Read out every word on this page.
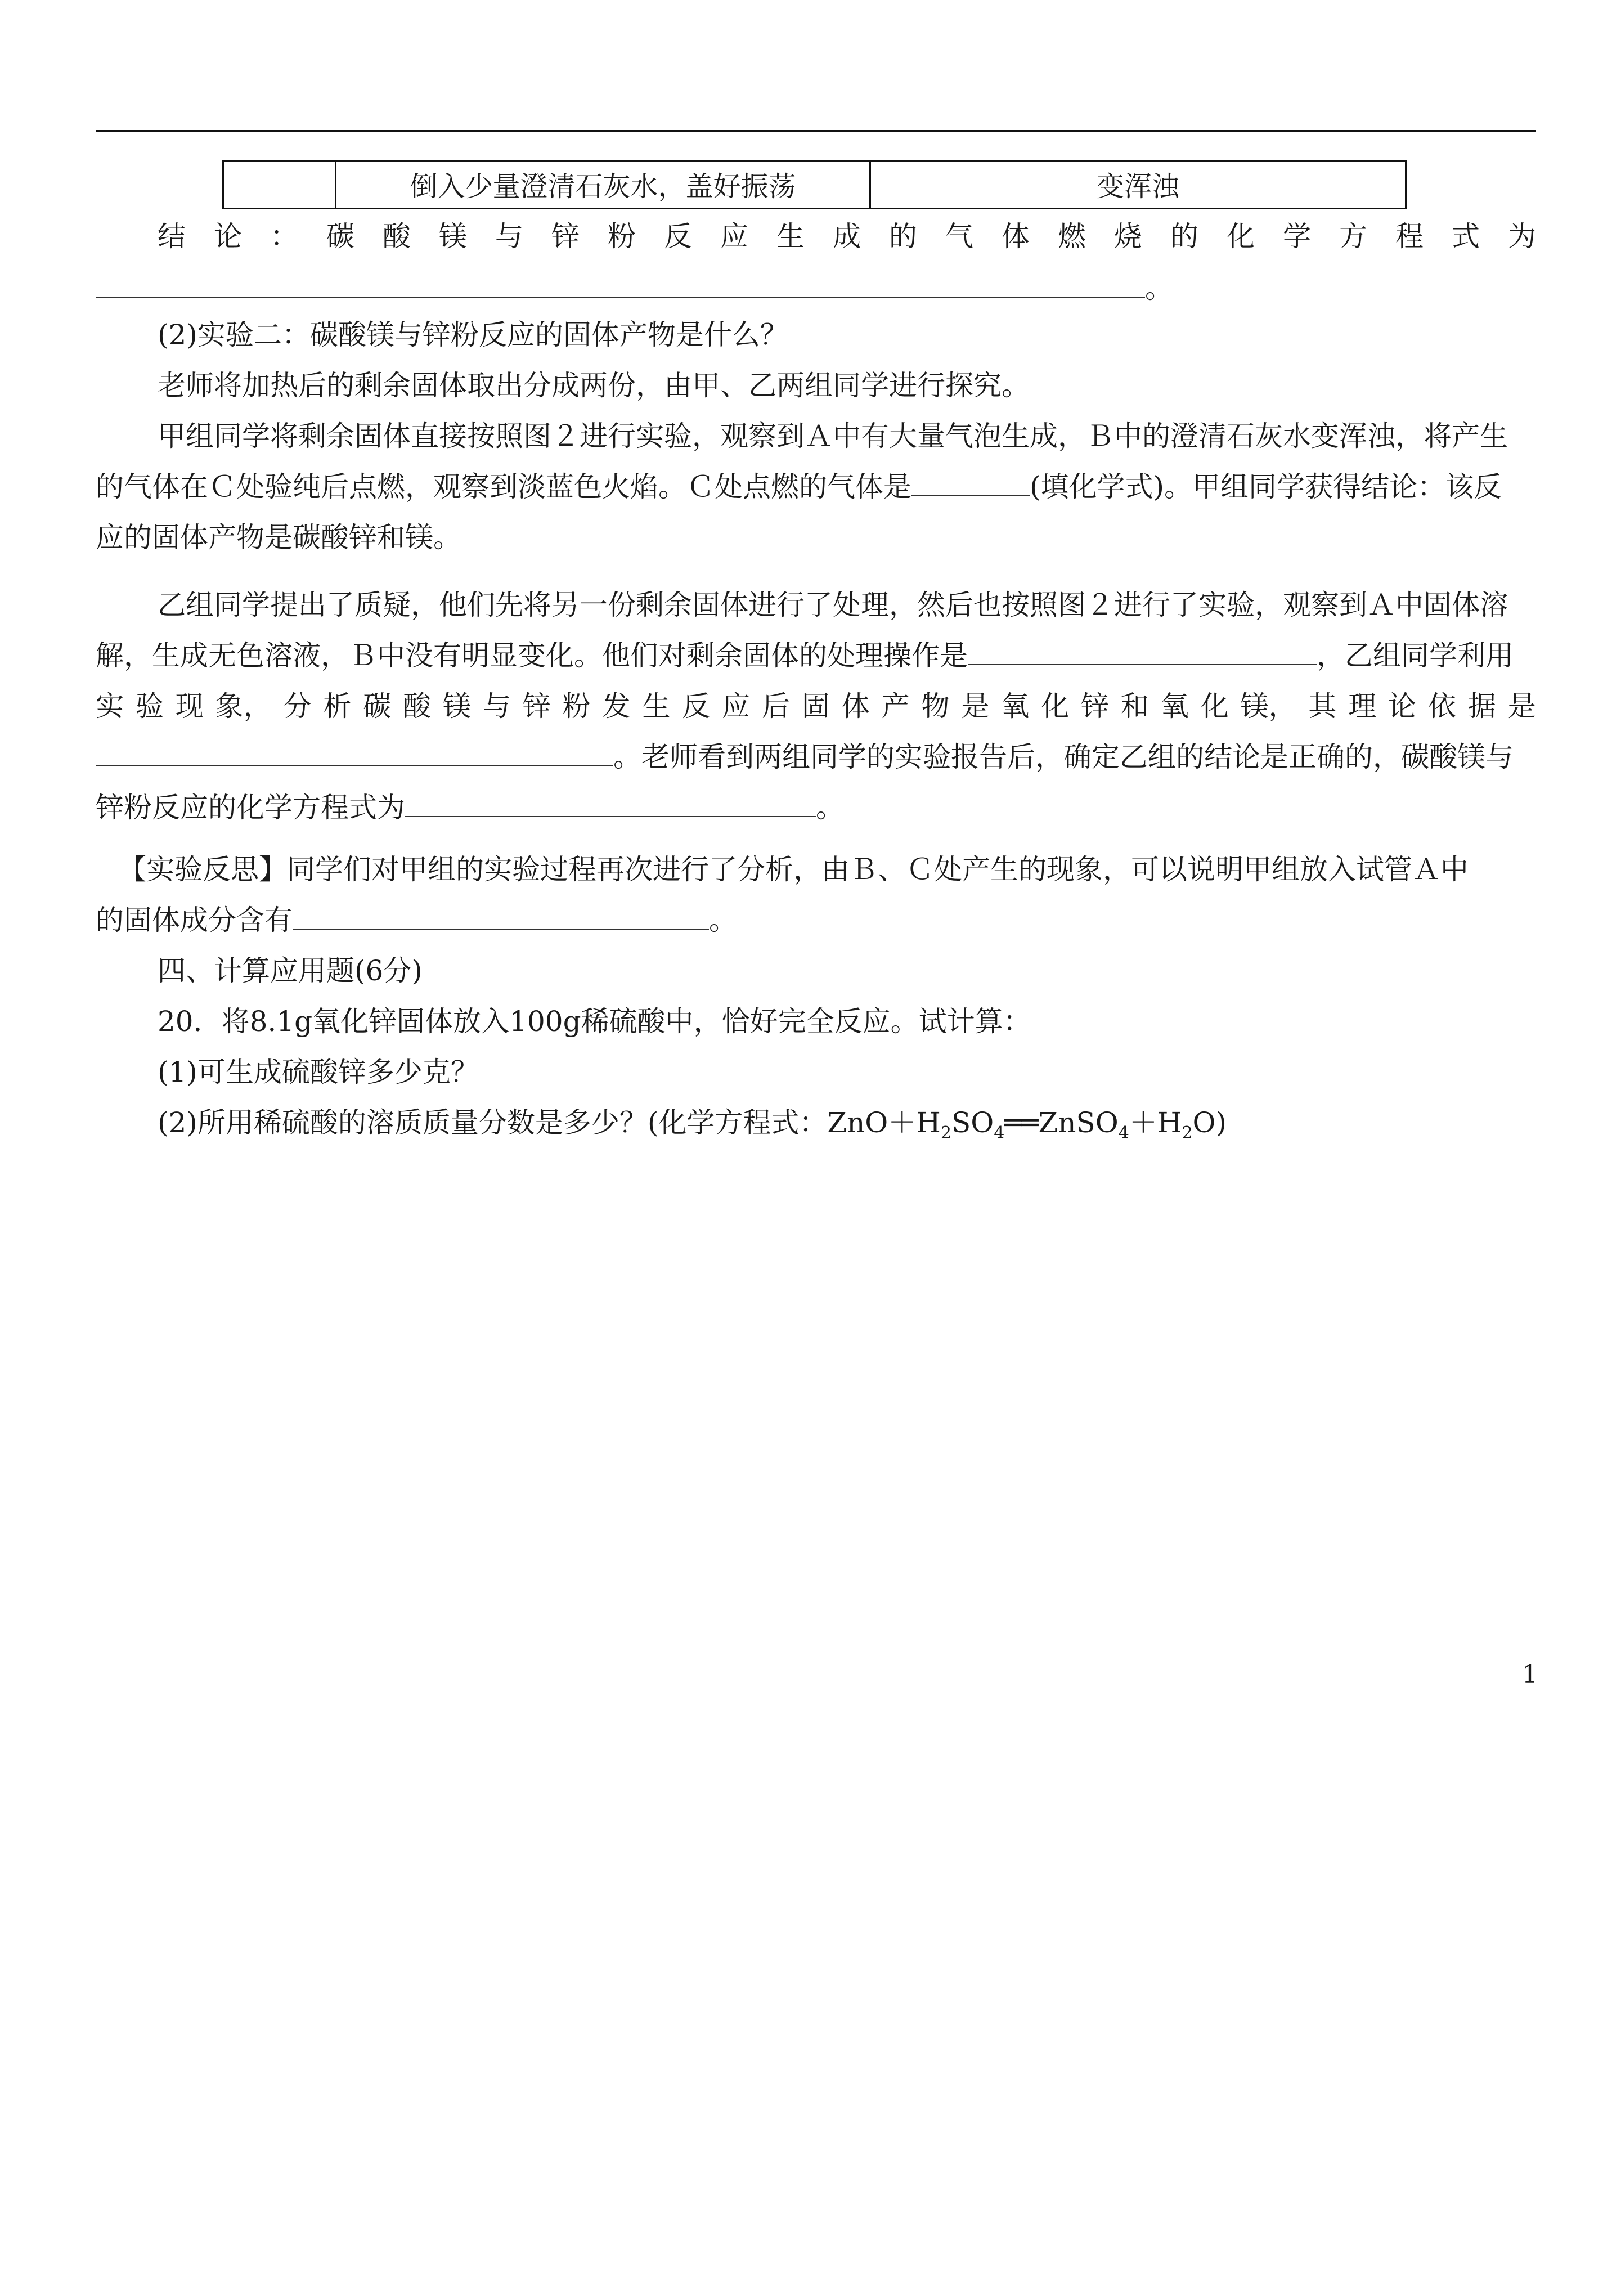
倒入少量澄清石灰水，盖好振荡	变浑浊
结 论 ： 碳 酸 镁 与 锌 粉 反 应 生 成 的 气 体 燃 烧 的 化 学 方 程 式 为
。
(2)实验二：碳酸镁与锌粉反应的固体产物是什么？
老师将加热后的剩余固体取出分成两份，由甲、乙两组同学进行探究。
甲组同学将剩余固体直接按照图２进行实验，观察到Ａ中有大量气泡生成，Ｂ中的澄清石灰水变浑浊，将产生
的气体在Ｃ处验纯后点燃，观察到淡蓝色火焰。Ｃ处点燃的气体是	(填化学式)。甲组同学获得结论：该反
应的固体产物是碳酸锌和镁。
乙组同学提出了质疑，他们先将另一份剩余固体进行了处理，然后也按照图２进行了实验，观察到Ａ中固体溶
解，生成无色溶液，Ｂ中没有明显变化。他们对剩余固体的处理操作是	，乙组同学利用
实 验 现 象， 分 析 碳 酸 镁 与 锌 粉 发 生 反 应 后 固 体 产 物 是 氧 化 锌 和 氧 化 镁， 其 理 论 依 据 是
。老师看到两组同学的实验报告后，确定乙组的结论是正确的，碳酸镁与
锌粉反应的化学方程式为	。
【实验反思】同学们对甲组的实验过程再次进行了分析，由Ｂ、Ｃ处产生的现象，可以说明甲组放入试管Ａ中
的固体成分含有	。
四、计算应用题(6分)
20．将8.1g氧化锌固体放入100g稀硫酸中，恰好完全反应。试计算：
(1)可生成硫酸锌多少克？
(2)所用稀硫酸的溶质质量分数是多少？(化学方程式：$ZnO+H_2SO_4══ZnSO_4+H_2O$)
1
